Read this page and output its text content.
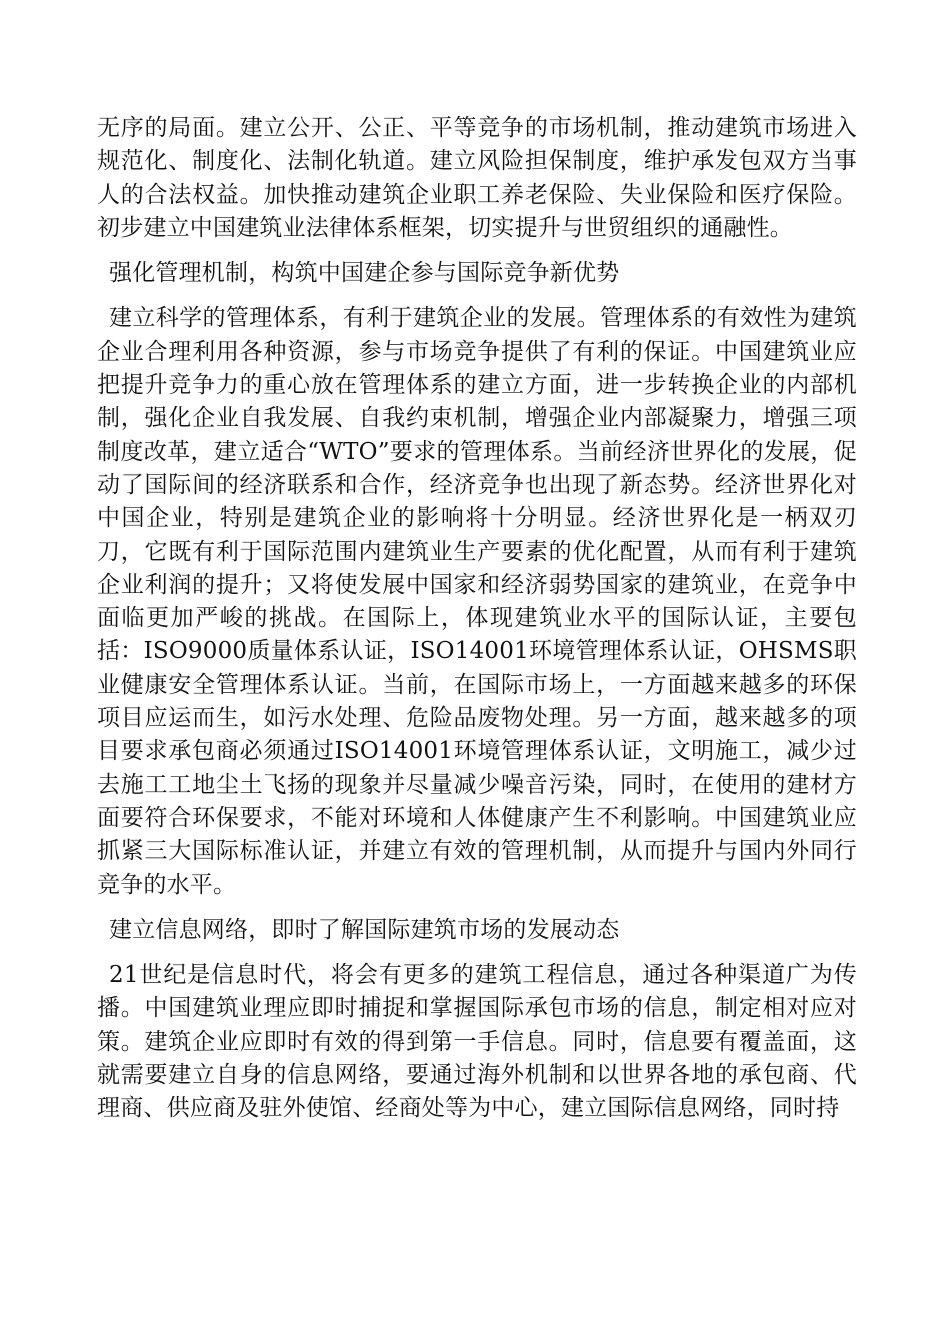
无序的局面。建立公开、公正、平等竞争的市场机制，推动建筑市场进入规范化、制度化、法制化轨道。建立风险担保制度，维护承发包双方当事人的合法权益。加快推动建筑企业职工养老保险、失业保险和医疗保险。初步建立中国建筑业法律体系框架，切实提升与世贸组织的通融性。

强化管理机制，构筑中国建企参与国际竞争新优势

建立科学的管理体系，有利于建筑企业的发展。管理体系的有效性为建筑企业合理利用各种资源，参与市场竞争提供了有利的保证。中国建筑业应把提升竞争力的重心放在管理体系的建立方面，进一步转换企业的内部机制，强化企业自我发展、自我约束机制，增强企业内部凝聚力，增强三项制度改革，建立适合“WTO”要求的管理体系。当前经济世界化的发展，促动了国际间的经济联系和合作，经济竞争也出现了新态势。经济世界化对中国企业，特别是建筑企业的影响将十分明显。经济世界化是一柄双刃刀，它既有利于国际范围内建筑业生产要素的优化配置，从而有利于建筑企业利润的提升；又将使发展中国家和经济弱势国家的建筑业，在竞争中面临更加严峻的挑战。在国际上，体现建筑业水平的国际认证，主要包括：ISO9000质量体系认证，ISO14001环境管理体系认证，OHSMS职业健康安全管理体系认证。当前，在国际市场上，一方面越来越多的环保项目应运而生，如污水处理、危险品废物处理。另一方面，越来越多的项目要求承包商必须通过ISO14001环境管理体系认证，文明施工，减少过去施工工地尘土飞扬的现象并尽量减少噪音污染，同时，在使用的建材方面要符合环保要求，不能对环境和人体健康产生不利影响。中国建筑业应抓紧三大国际标准认证，并建立有效的管理机制，从而提升与国内外同行竞争的水平。

建立信息网络，即时了解国际建筑市场的发展动态

21世纪是信息时代，将会有更多的建筑工程信息，通过各种渠道广为传播。中国建筑业理应即时捕捉和掌握国际承包市场的信息，制定相对应对策。建筑企业应即时有效的得到第一手信息。同时，信息要有覆盖面，这就需要建立自身的信息网络，要通过海外机制和以世界各地的承包商、代理商、供应商及驻外使馆、经商处等为中心，建立国际信息网络，同时持
